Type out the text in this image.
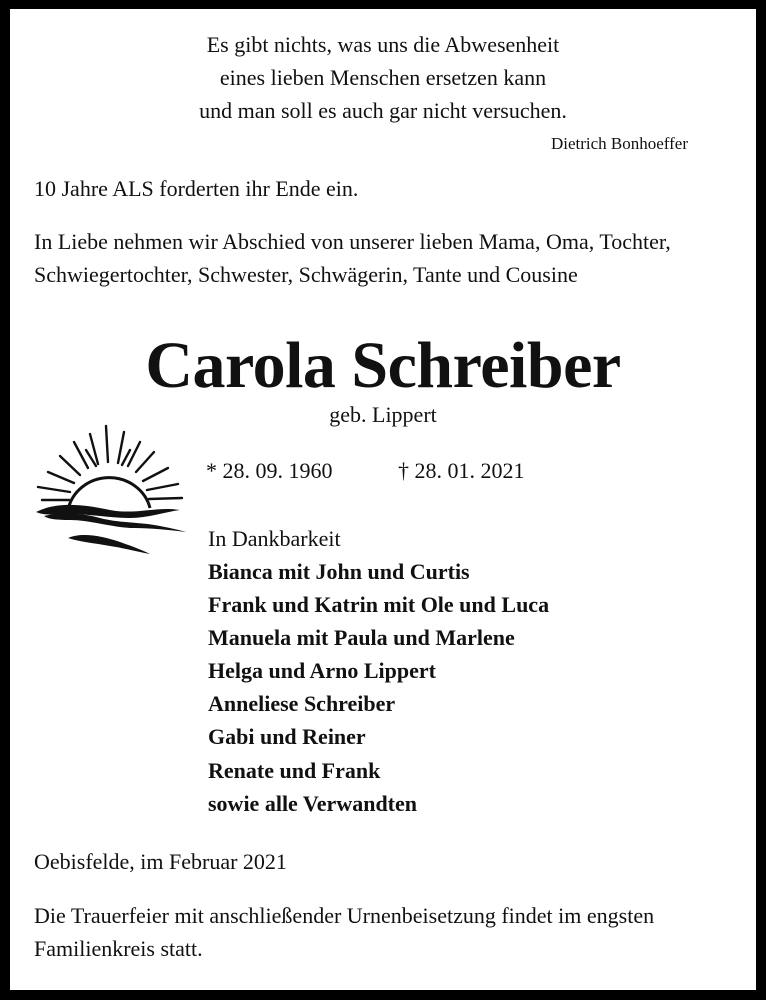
Es gibt nichts, was uns die Abwesenheit
eines lieben Menschen ersetzen kann
und man soll es auch gar nicht versuchen.
Dietrich Bonhoeffer
10 Jahre ALS forderten ihr Ende ein.
In Liebe nehmen wir Abschied von unserer lieben Mama, Oma, Tochter, Schwiegertochter, Schwester, Schwägerin, Tante und Cousine
Carola Schreiber
geb. Lippert
* 28. 09. 1960	† 28. 01. 2021
In Dankbarkeit
Bianca mit John und Curtis
Frank und Katrin mit Ole und Luca
Manuela mit Paula und Marlene
Helga und Arno Lippert
Anneliese Schreiber
Gabi und Reiner
Renate und Frank
sowie alle Verwandten
Oebisfelde, im Februar 2021
Die Trauerfeier mit anschließender Urnenbeisetzung findet im engsten Familienkreis statt.
